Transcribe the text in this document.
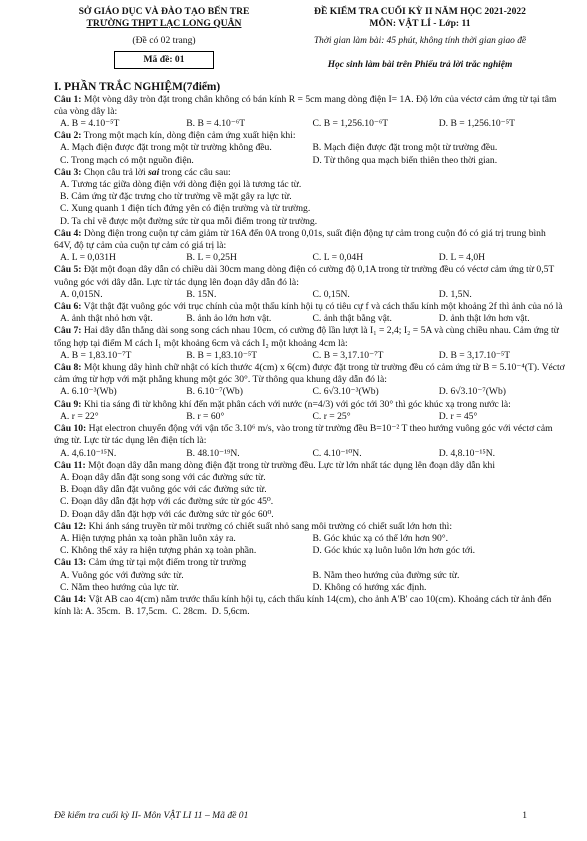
SỞ GIÁO DỤC VÀ ĐÀO TẠO BẾN TRE
TRƯỜNG THPT LẠC LONG QUÂN
ĐỀ KIỂM TRA CUỐI KỲ II NĂM HỌC 2021-2022
MÔN: VẬT LÍ - Lớp: 11
(Đề có 02 trang)
Mã đề: 01
Thời gian làm bài: 45 phút, không tính thời gian giao đề
Học sinh làm bài trên Phiếu trả lời trắc nghiệm
I. PHẦN TRẮC NGHIỆM(7điểm)
Câu 1: Một vòng dây tròn đặt trong chân không có bán kính R = 5cm mang dòng điện I= 1A. Độ lớn của véctơ cảm ứng từ tại tâm của vòng dây là:
A. B = 4.10⁻⁵T	B. B = 4.10⁻⁶T	C. B = 1,256.10⁻⁶T	D. B = 1,256.10⁻⁵T
Câu 2: Trong một mạch kín, dòng điện cảm ứng xuất hiện khi:
A. Mạch điện được đặt trong một từ trường không đều.	B. Mạch điện được đặt trong một từ trường đều.
C. Trong mạch có một nguồn điện.	D. Từ thông qua mạch biến thiên theo thời gian.
Câu 3: Chọn câu trả lời sai trong các câu sau:
A. Tương tác giữa dòng điện với dòng điện gọi là tương tác từ.
B. Cảm ứng từ đặc trưng cho từ trường về mặt gây ra lực từ.
C. Xung quanh 1 điện tích đứng yên có điện trường và từ trường.
D. Ta chỉ vẽ được một đường sức từ qua mỗi điểm trong từ trường.
Câu 4: Dòng điện trong cuộn tự cảm giảm từ 16A đến 0A trong 0,01s, suất điện động tự cảm trong cuộn đó có giá trị trung bình 64V, độ tự cảm của cuộn tự cảm có giá trị là:
A. L = 0,031H	B. L = 0,25H	C. L = 0,04H	D. L = 4,0H
Câu 5: Đặt một đoạn dây dẫn có chiều dài 30cm mang dòng điện có cường độ 0,1A trong từ trường đều có véctơ cảm ứng từ 0,5T vuông góc với dây dẫn. Lực từ tác dụng lên đoạn dây dẫn đó là:
A. 0,015N.	B. 15N.	C. 0,15N.	D. 1,5N.
Câu 6: Vật thật đặt vuông góc với trục chính của một thấu kính hội tụ có tiêu cự f và cách thấu kính một khoảng 2f thì ảnh của nó là
A. ảnh thật nhỏ hơn vật.	B. ảnh ảo lớn hơn vật.	C. ảnh thật bằng vật.	D. ảnh thật lớn hơn vật.
Câu 7: Hai dây dẫn thẳng dài song song cách nhau 10cm, có cường độ lần lượt là I₁ = 2,4; I₂ = 5A và cùng chiều nhau. Cảm ứng từ tổng hợp tại điểm M cách I₁ một khoảng 6cm và cách I₂ một khoảng 4cm là:
A. B = 1,83.10⁻⁷T	B. B = 1,83.10⁻⁵T	C. B = 3,17.10⁻⁷T	D. B = 3,17.10⁻⁵T
Câu 8: Một khung dây hình chữ nhật có kích thước 4(cm) x 6(cm) được đặt trong từ trường đều có cảm ứng từ B = 5.10⁻⁴(T). Véctơ cảm ứng từ hợp với mặt phẳng khung một góc 30°. Từ thông qua khung dây dẫn đó là:
A. 6.10⁻³(Wb)	B. 6.10⁻⁷(Wb)	C. 6√3.10⁻³(Wb)	D. 6√3.10⁻⁷(Wb)
Câu 9: Khi tia sáng đi từ không khí đến mặt phân cách với nước (n=4/3) với góc tới 30° thì góc khúc xạ trong nước là:
A. r = 22°	B. r = 60°	C. r = 25°	D. r = 45°
Câu 10: Hạt electron chuyển động với vận tốc 3.10⁶ m/s, vào trong từ trường đều B=10⁻² T theo hướng vuông góc với véctơ cảm ứng từ. Lực từ tác dụng lên điện tích là:
A. 4,6.10⁻¹⁵N.	B. 48.10⁻¹⁹N.	C. 4.10⁻¹⁰N.	D. 4,8.10⁻¹⁵N.
Câu 11: Một đoạn dây dẫn mang dòng điện đặt trong từ trường đều. Lực từ lớn nhất tác dụng lên đoạn dây dẫn khi
A. Đoạn dây dẫn đặt song song với các đường sức từ.
B. Đoạn dây dẫn đặt vuông góc với các đường sức từ.
C. Đoạn dây dẫn đặt hợp với các đường sức từ góc 45⁰.
D. Đoạn dây dẫn đặt hợp với các đường sức từ góc 60⁰.
Câu 12: Khi ánh sáng truyền từ môi trường có chiết suất nhỏ sang môi trường có chiết suất lớn hơn thì:
A. Hiện tượng phản xạ toàn phần luôn xảy ra.	B. Góc khúc xạ có thể lớn hơn 90°.
C. Không thể xảy ra hiện tượng phản xạ toàn phần.	D. Góc khúc xạ luôn luôn lớn hơn góc tới.
Câu 13: Cảm ứng từ tại một điểm trong từ trường
A. Vuông góc với đường sức từ.	B. Nằm theo hướng của đường sức từ.
C. Nằm theo hướng của lực từ.	D. Không có hướng xác định.
Câu 14: Vật AB cao 4(cm) nằm trước thấu kính hội tụ, cách thấu kính 14(cm), cho ảnh A'B' cao 10(cm). Khoảng cách từ ảnh đến kính là: A. 35cm. B. 17,5cm. C. 28cm. D. 5,6cm.
Đề kiểm tra cuối kỳ II- Môn VẬT LI 11 – Mã đề 01	1
